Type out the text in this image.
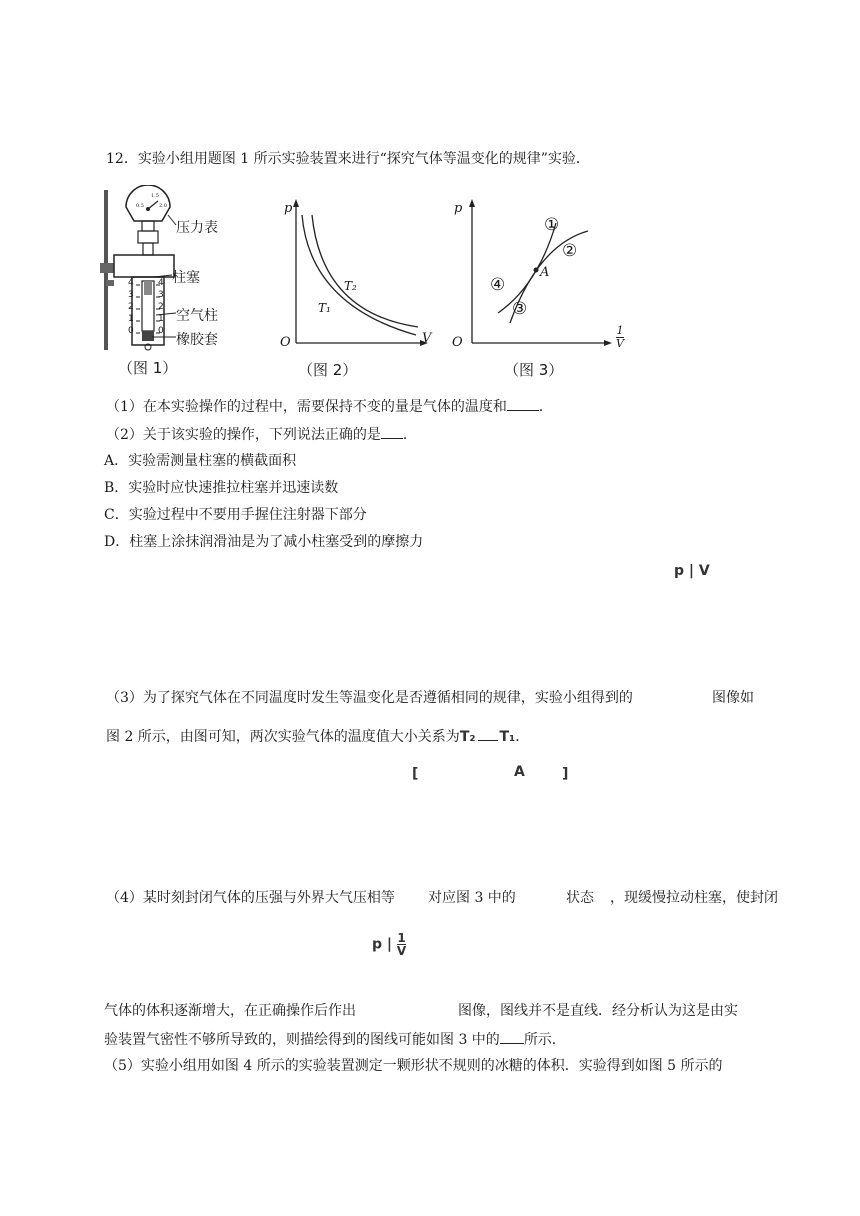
12．实验小组用题图 1 所示实验装置来进行“探究气体等温变化的规律”实验．
0.5
1.5
2.0
4
3
2
1
0
4
3
2
1
0
压力表
柱塞
空气柱
橡胶套
（图 1）
p
V
O
T₂
T₁
（图 2）
p
O	$\frac{1}{V}$
A
①
②
③
④
（图 3）
（1）在本实验操作的过程中，需要保持不变的量是气体的温度和 ．
（2）关于该实验的操作，下列说法正确的是 ．
A．实验需测量柱塞的横截面积
B．实验时应快速推拉柱塞并迅速读数
C．实验过程中不要用手握住注射器下部分
D．柱塞上涂抹润滑油是为了减小柱塞受到的摩擦力
p | V
（3）为了探究气体在不同温度时发生等温变化是否遵循相同的规律，实验小组得到的	图像如
图 2 所示，由图可知，两次实验气体的温度值大小关系为T₂ T₁．
[	A	]
（4）某时刻封闭气体的压强与外界大气压相等 对应图 3 中的	状态 ，现缓慢拉动柱塞，使封闭
p | $\frac{1}{V}$
气体的体积逐渐增大，在正确操作后作出	图像，图线并不是直线．经分析认为这是由实
验装置气密性不够所导致的，则描绘得到的图线可能如图 3 中的 所示．
（5）实验小组用如图 4 所示的实验装置测定一颗形状不规则的冰糖的体积．实验得到如图 5 所示的
